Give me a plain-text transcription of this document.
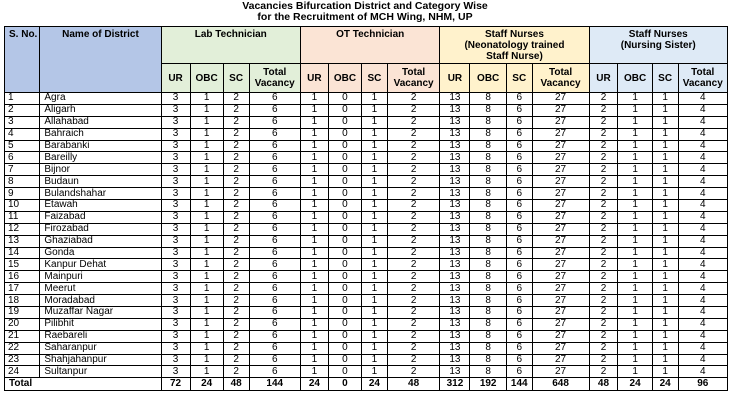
Vacancies Bifurcation District and Category Wise
for the Recruitment of MCH Wing, NHM, UP
S. No.	Name of District	Lab Technician				OT Technician				Staff Nurses (Neonatology trained Staff Nurse)				Staff Nurses (Nursing Sister)			
		UR	OBC	SC	Total Vacancy	UR	OBC	SC	Total Vacancy	UR	OBC	SC	Total Vacancy	UR	OBC	SC	Total Vacancy
1	Agra	3	1	2	6	1	0	1	2	13	8	6	27	2	1	1	4
2	Aligarh	3	1	2	6	1	0	1	2	13	8	6	27	2	1	1	4
3	Allahabad	3	1	2	6	1	0	1	2	13	8	6	27	2	1	1	4
4	Bahraich	3	1	2	6	1	0	1	2	13	8	6	27	2	1	1	4
5	Barabanki	3	1	2	6	1	0	1	2	13	8	6	27	2	1	1	4
6	Bareilly	3	1	2	6	1	0	1	2	13	8	6	27	2	1	1	4
7	Bijnor	3	1	2	6	1	0	1	2	13	8	6	27	2	1	1	4
8	Budaun	3	1	2	6	1	0	1	2	13	8	6	27	2	1	1	4
9	Bulandshahar	3	1	2	6	1	0	1	2	13	8	6	27	2	1	1	4
10	Etawah	3	1	2	6	1	0	1	2	13	8	6	27	2	1	1	4
11	Faizabad	3	1	2	6	1	0	1	2	13	8	6	27	2	1	1	4
12	Firozabad	3	1	2	6	1	0	1	2	13	8	6	27	2	1	1	4
13	Ghaziabad	3	1	2	6	1	0	1	2	13	8	6	27	2	1	1	4
14	Gonda	3	1	2	6	1	0	1	2	13	8	6	27	2	1	1	4
15	Kanpur Dehat	3	1	2	6	1	0	1	2	13	8	6	27	2	1	1	4
16	Mainpuri	3	1	2	6	1	0	1	2	13	8	6	27	2	1	1	4
17	Meerut	3	1	2	6	1	0	1	2	13	8	6	27	2	1	1	4
18	Moradabad	3	1	2	6	1	0	1	2	13	8	6	27	2	1	1	4
19	Muzaffar Nagar	3	1	2	6	1	0	1	2	13	8	6	27	2	1	1	4
20	Pilibhit	3	1	2	6	1	0	1	2	13	8	6	27	2	1	1	4
21	Raebareli	3	1	2	6	1	0	1	2	13	8	6	27	2	1	1	4
22	Saharanpur	3	1	2	6	1	0	1	2	13	8	6	27	2	1	1	4
23	Shahjahanpur	3	1	2	6	1	0	1	2	13	8	6	27	2	1	1	4
24	Sultanpur	3	1	2	6	1	0	1	2	13	8	6	27	2	1	1	4
Total		72	24	48	144	24	0	24	48	312	192	144	648	48	24	24	96
